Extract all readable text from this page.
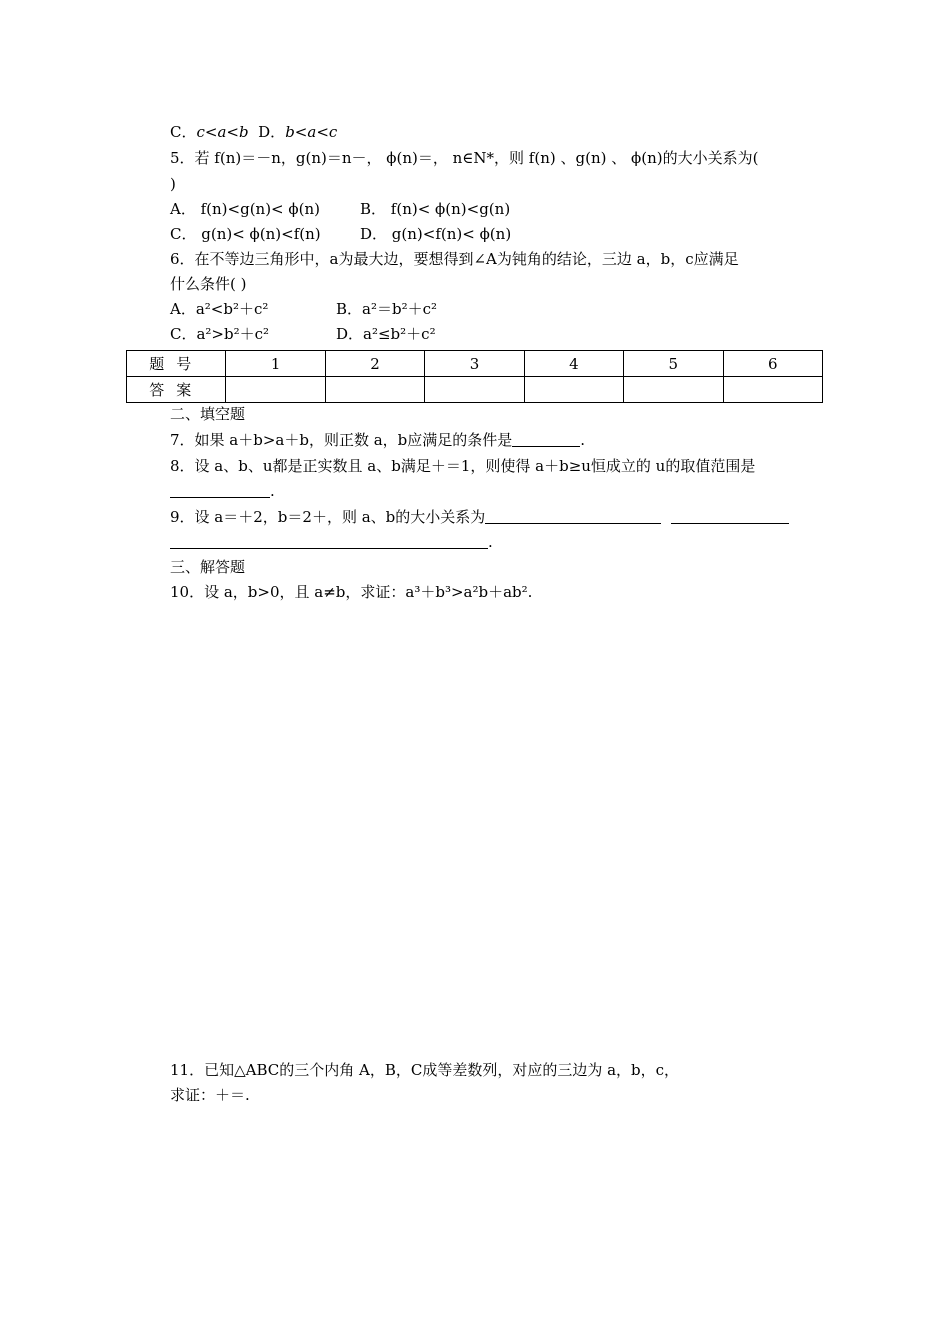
C．c<a<b D．b<a<c
5．若 f(n)＝－n，g(n)＝n－， ϕ(n)＝， n∈N*，则 f(n) 、g(n) 、 ϕ(n)的大小关系为(
)
A． f(n)<g(n)< ϕ(n)	B． f(n)< ϕ(n)<g(n)
C． g(n)< ϕ(n)<f(n)	D． g(n)<f(n)< ϕ(n)
6．在不等边三角形中，a为最大边，要想得到∠A为钝角的结论，三边 a，b，c应满足
什么条件( )
A．a²<b²＋c²	B．a²＝b²＋c²
C．a²>b²＋c²	D．a²≤b²＋c²
题号	1	2	3	4	5	6
答案						
二、填空题
7．如果 a＋b>a＋b，则正数 a，b应满足的条件是	.
8．设 a、b、u都是正实数且 a、b满足＋＝1，则使得 a＋b≥u恒成立的 u的取值范围是
.
9．设 a＝＋2，b＝2＋，则 a、b的大小关系为
.
三、解答题
10．设 a，b>0，且 a≠b，求证：a³＋b³>a²b＋ab².
11．已知△ABC的三个内角 A，B，C成等差数列，对应的三边为 a，b，c，
求证：＋＝.
